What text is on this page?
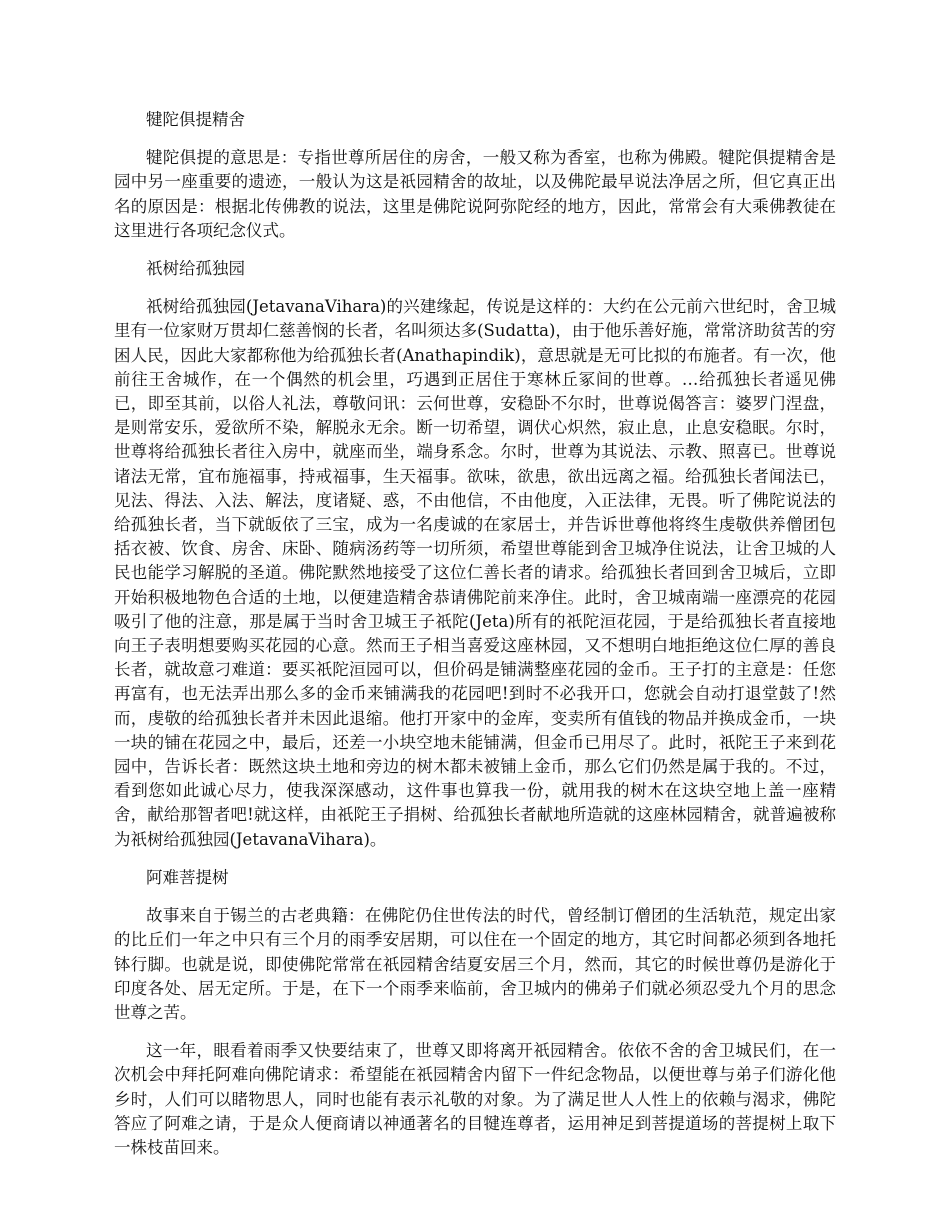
犍陀俱提精舍

犍陀俱提的意思是：专指世尊所居住的房舍，一般又称为香室，也称为佛殿。犍陀俱提精舍是园中另一座重要的遗迹，一般认为这是祇园精舍的故址，以及佛陀最早说法净居之所，但它真正出名的原因是：根据北传佛教的说法，这里是佛陀说阿弥陀经的地方，因此，常常会有大乘佛教徒在这里进行各项纪念仪式。

祇树给孤独园

祇树给孤独园(JetavanaVihara)的兴建缘起，传说是这样的：大约在公元前六世纪时，舍卫城里有一位家财万贯却仁慈善悯的长者，名叫须达多(Sudatta)，由于他乐善好施，常常济助贫苦的穷困人民，因此大家都称他为给孤独长者(Anathapindik)，意思就是无可比拟的布施者。有一次，他前往王舍城作，在一个偶然的机会里，巧遇到正居住于寒林丘冢间的世尊。…给孤独长者遥见佛已，即至其前，以俗人礼法，尊敬问讯：云何世尊，安稳卧不尔时，世尊说偈答言：婆罗门涅盘，是则常安乐，爱欲所不染，解脱永无余。断一切希望，调伏心炽然，寂止息，止息安稳眠。尔时，世尊将给孤独长者往入房中，就座而坐，端身系念。尔时，世尊为其说法、示教、照喜已。世尊说诸法无常，宜布施福事，持戒福事，生天福事。欲味，欲患，欲出远离之福。给孤独长者闻法已，见法、得法、入法、解法，度诸疑、惑，不由他信，不由他度，入正法律，无畏。听了佛陀说法的给孤独长者，当下就皈依了三宝，成为一名虔诚的在家居士，并告诉世尊他将终生虔敬供养僧团包括衣被、饮食、房舍、床卧、随病汤药等一切所须，希望世尊能到舍卫城净住说法，让舍卫城的人民也能学习解脱的圣道。佛陀默然地接受了这位仁善长者的请求。给孤独长者回到舍卫城后，立即开始积极地物色合适的土地，以便建造精舍恭请佛陀前来净住。此时，舍卫城南端一座漂亮的花园吸引了他的注意，那是属于当时舍卫城王子祇陀(Jeta)所有的祇陀洹花园，于是给孤独长者直接地向王子表明想要购买花园的心意。然而王子相当喜爱这座林园，又不想明白地拒绝这位仁厚的善良长者，就故意刁难道：要买祇陀洹园可以，但价码是铺满整座花园的金币。王子打的主意是：任您再富有，也无法弄出那么多的金币来铺满我的花园吧!到时不必我开口，您就会自动打退堂鼓了!然而，虔敬的给孤独长者并未因此退缩。他打开家中的金库，变卖所有值钱的物品并换成金币，一块一块的铺在花园之中，最后，还差一小块空地未能铺满，但金币已用尽了。此时，祇陀王子来到花园中，告诉长者：既然这块土地和旁边的树木都未被铺上金币，那么它们仍然是属于我的。不过，看到您如此诚心尽力，使我深深感动，这件事也算我一份，就用我的树木在这块空地上盖一座精舍，献给那智者吧!就这样，由祇陀王子捐树、给孤独长者献地所造就的这座林园精舍，就普遍被称为祇树给孤独园(JetavanaVihara)。

阿难菩提树

故事来自于锡兰的古老典籍：在佛陀仍住世传法的时代，曾经制订僧团的生活轨范，规定出家的比丘们一年之中只有三个月的雨季安居期，可以住在一个固定的地方，其它时间都必须到各地托钵行脚。也就是说，即使佛陀常常在祇园精舍结夏安居三个月，然而，其它的时候世尊仍是游化于印度各处、居无定所。于是，在下一个雨季来临前，舍卫城内的佛弟子们就必须忍受九个月的思念世尊之苦。

这一年，眼看着雨季又快要结束了，世尊又即将离开祇园精舍。依依不舍的舍卫城民们，在一次机会中拜托阿难向佛陀请求：希望能在祇园精舍内留下一件纪念物品，以便世尊与弟子们游化他乡时，人们可以睹物思人，同时也能有表示礼敬的对象。为了满足世人人性上的依赖与渴求，佛陀答应了阿难之请，于是众人便商请以神通著名的目犍连尊者，运用神足到菩提道场的菩提树上取下一株枝苗回来。
